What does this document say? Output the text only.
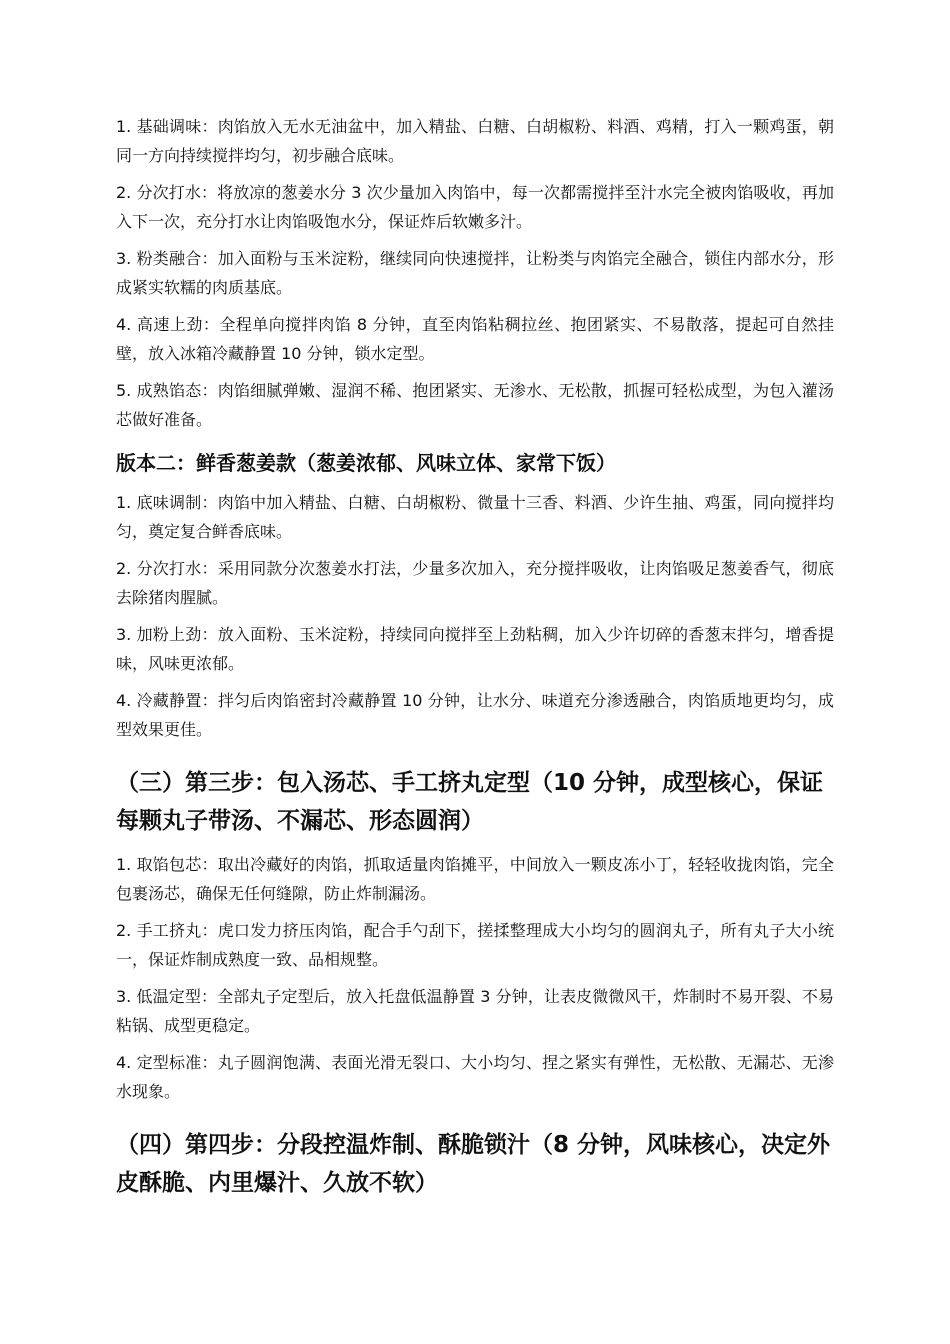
1. 基础调味：肉馅放入无水无油盆中，加入精盐、白糖、白胡椒粉、料酒、鸡精，打入一颗鸡蛋，朝同一方向持续搅拌均匀，初步融合底味。

2. 分次打水：将放凉的葱姜水分 3 次少量加入肉馅中，每一次都需搅拌至汁水完全被肉馅吸收，再加入下一次，充分打水让肉馅吸饱水分，保证炸后软嫩多汁。

3. 粉类融合：加入面粉与玉米淀粉，继续同向快速搅拌，让粉类与肉馅完全融合，锁住内部水分，形成紧实软糯的肉质基底。

4. 高速上劲：全程单向搅拌肉馅 8 分钟，直至肉馅粘稠拉丝、抱团紧实、不易散落，提起可自然挂壁，放入冰箱冷藏静置 10 分钟，锁水定型。

5. 成熟馅态：肉馅细腻弹嫩、湿润不稀、抱团紧实、无渗水、无松散，抓握可轻松成型，为包入灌汤芯做好准备。

版本二：鲜香葱姜款（葱姜浓郁、风味立体、家常下饭）

1. 底味调制：肉馅中加入精盐、白糖、白胡椒粉、微量十三香、料酒、少许生抽、鸡蛋，同向搅拌均匀，奠定复合鲜香底味。

2. 分次打水：采用同款分次葱姜水打法，少量多次加入，充分搅拌吸收，让肉馅吸足葱姜香气，彻底去除猪肉腥腻。

3. 加粉上劲：放入面粉、玉米淀粉，持续同向搅拌至上劲粘稠，加入少许切碎的香葱末拌匀，增香提味，风味更浓郁。

4. 冷藏静置：拌匀后肉馅密封冷藏静置 10 分钟，让水分、味道充分渗透融合，肉馅质地更均匀，成型效果更佳。

（三）第三步：包入汤芯、手工挤丸定型（10 分钟，成型核心，保证每颗丸子带汤、不漏芯、形态圆润）

1. 取馅包芯：取出冷藏好的肉馅，抓取适量肉馅摊平，中间放入一颗皮冻小丁，轻轻收拢肉馅，完全包裹汤芯，确保无任何缝隙，防止炸制漏汤。

2. 手工挤丸：虎口发力挤压肉馅，配合手勺刮下，搓揉整理成大小均匀的圆润丸子，所有丸子大小统一，保证炸制成熟度一致、品相规整。

3. 低温定型：全部丸子定型后，放入托盘低温静置 3 分钟，让表皮微微风干，炸制时不易开裂、不易粘锅、成型更稳定。

4. 定型标准：丸子圆润饱满、表面光滑无裂口、大小均匀、捏之紧实有弹性，无松散、无漏芯、无渗水现象。

（四）第四步：分段控温炸制、酥脆锁汁（8 分钟，风味核心，决定外皮酥脆、内里爆汁、久放不软）
